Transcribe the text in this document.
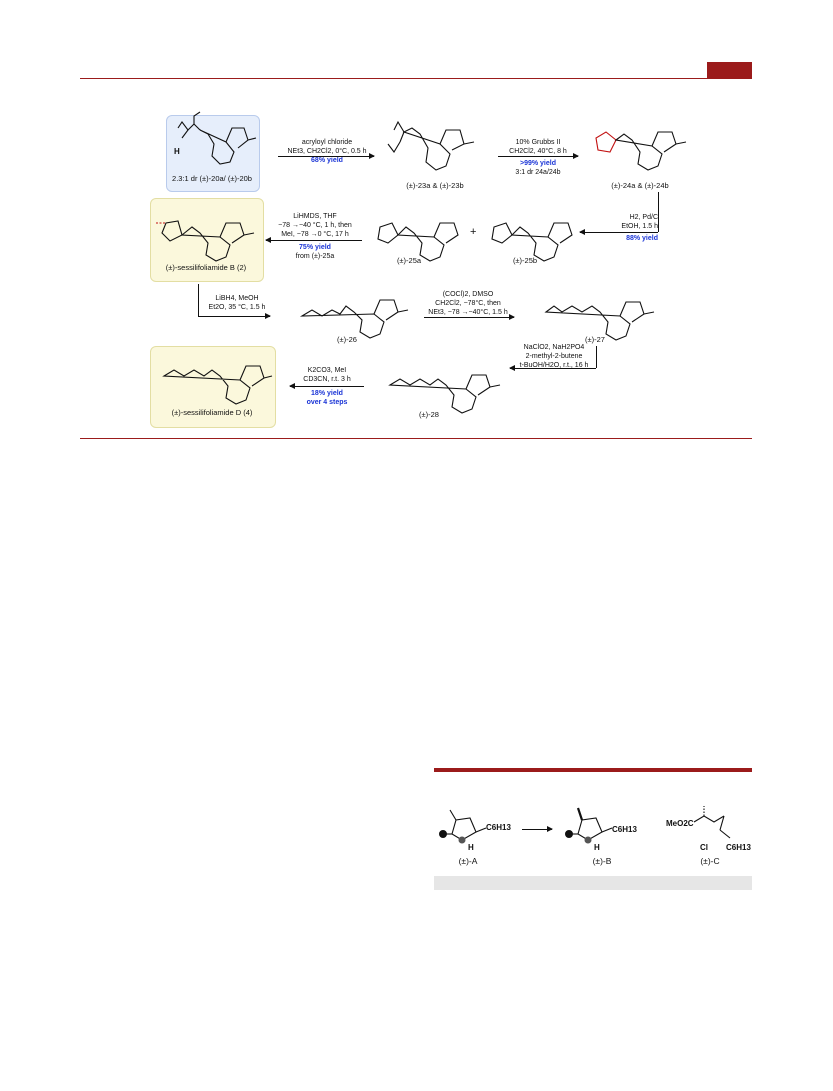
H
2.3:1 dr (±)-20a/ (±)-20b
acryloyl chloride
NEt3, CH2Cl2, 0°C, 0.5 h
68% yield
(±)-23a & (±)-23b
10% Grubbs II
CH2Cl2, 40°C, 8 h
>99% yield
3:1 dr 24a/24b
(±)-24a & (±)-24b
H2, Pd/C
EtOH, 1.5 h
88% yield
(±)-25b
+
(±)-25a
LiHMDS, THF
−78 →−40 °C, 1 h, then
MeI, −78 →0 °C, 17 h
75% yield
from (±)-25a
(±)-sessilifoliamide B (2)
LiBH4, MeOH
Et2O, 35 °C, 1.5 h
(±)-26
(COCl)2, DMSO
CH2Cl2, −78°C, then
NEt3, −78 →−40°C, 1.5 h
(±)-27
NaClO2, NaH2PO4
2-methyl-2-butene
t-BuOH/H2O, r.t., 16 h
(±)-28
K2CO3, MeI
CD3CN, r.t. 3 h
18% yield
over 4 steps
(±)-sessilifoliamide D (4)
C6H13
H
(±)-A
C6H13
H
(±)-B
MeO2C
Cl C6H13
(±)-C
